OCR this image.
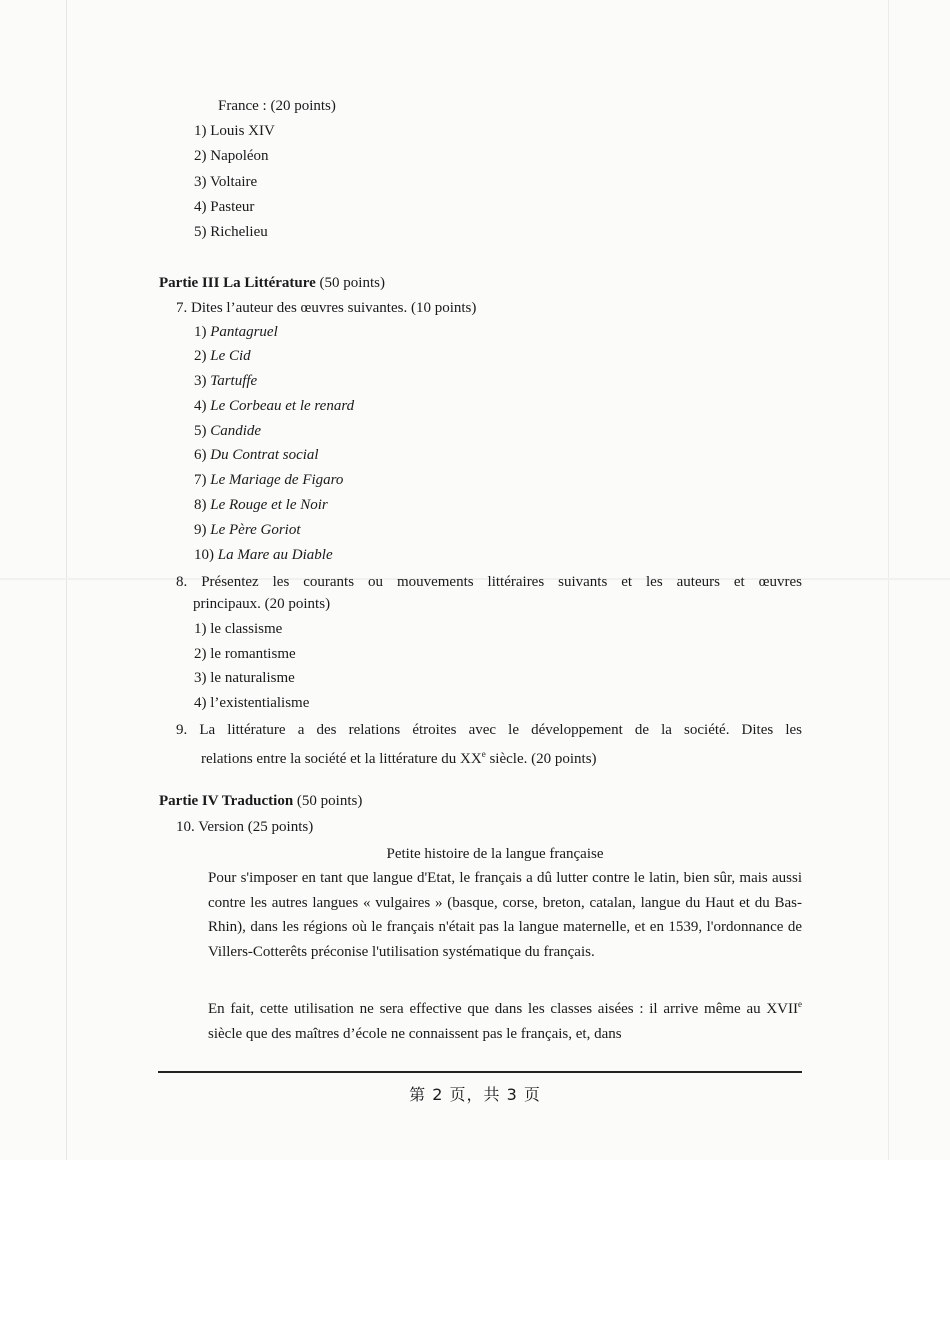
France : (20 points)
1) Louis XIV
2) Napoléon
3) Voltaire
4) Pasteur
5) Richelieu
Partie III La Littérature (50 points)
7. Dites l’auteur des œuvres suivantes. (10 points)
1) Pantagruel
2) Le Cid
3) Tartuffe
4) Le Corbeau et le renard
5) Candide
6) Du Contrat social
7) Le Mariage de Figaro
8) Le Rouge et le Noir
9) Le Père Goriot
10) La Mare au Diable
8. Présentez les courants ou mouvements littéraires suivants et les auteurs et œuvres
principaux. (20 points)
1) le classisme
2) le romantisme
3) le naturalisme
4) l’existentialisme
9. La littérature a des relations étroites avec le développement de la société. Dites les
relations entre la société et la littérature du XXe siècle. (20 points)
Partie IV Traduction (50 points)
10. Version (25 points)
Petite histoire de la langue française
Pour s'imposer en tant que langue d'Etat, le français a dû lutter contre le latin, bien sûr, mais aussi contre les autres langues « vulgaires » (basque, corse, breton, catalan, langue du Haut et du Bas-Rhin), dans les régions où le français n'était pas la langue maternelle, et en 1539, l'ordonnance de Villers-Cotterêts préconise l'utilisation systématique du français.
En fait, cette utilisation ne sera effective que dans les classes aisées : il arrive même au XVIIe siècle que des maîtres d’école ne connaissent pas le français, et, dans
第 2 页，共 3 页
